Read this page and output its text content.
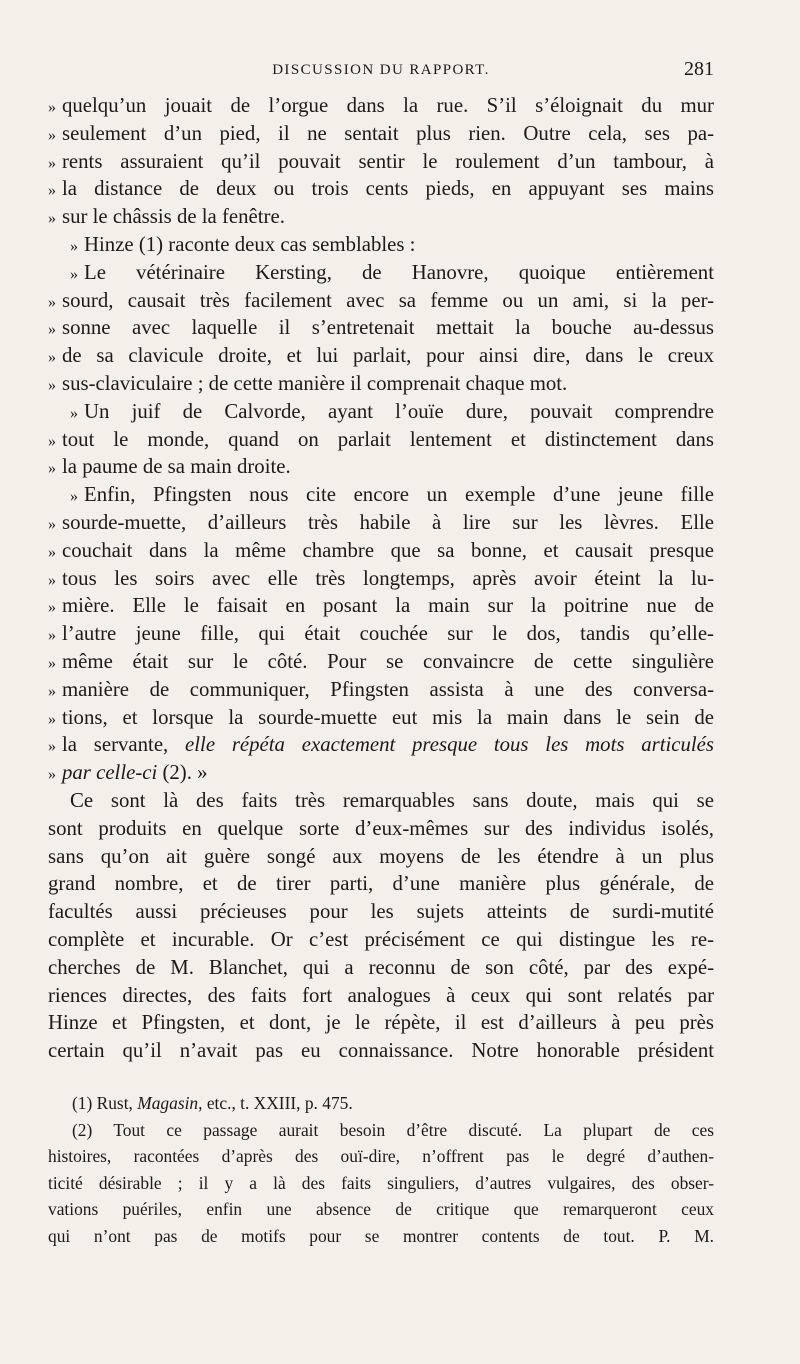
DISCUSSION DU RAPPORT.	281
» quelqu’un jouait de l’orgue dans la rue. S’il s’éloignait du mur
» seulement d’un pied, il ne sentait plus rien. Outre cela, ses pa-
» rents assuraient qu’il pouvait sentir le roulement d’un tambour, à
» la distance de deux ou trois cents pieds, en appuyant ses mains
» sur le châssis de la fenêtre.
» Hinze (1) raconte deux cas semblables :
» Le vétérinaire Kersting, de Hanovre, quoique entièrement
» sourd, causait très facilement avec sa femme ou un ami, si la per-
» sonne avec laquelle il s’entretenait mettait la bouche au-dessus
» de sa clavicule droite, et lui parlait, pour ainsi dire, dans le creux
» sus-claviculaire ; de cette manière il comprenait chaque mot.
» Un juif de Calvorde, ayant l’ouïe dure, pouvait comprendre
» tout le monde, quand on parlait lentement et distinctement dans
» la paume de sa main droite.
» Enfin, Pfingsten nous cite encore un exemple d’une jeune fille
» sourde-muette, d’ailleurs très habile à lire sur les lèvres. Elle
» couchait dans la même chambre que sa bonne, et causait presque
» tous les soirs avec elle très longtemps, après avoir éteint la lu-
» mière. Elle le faisait en posant la main sur la poitrine nue de
» l’autre jeune fille, qui était couchée sur le dos, tandis qu’elle-
» même était sur le côté. Pour se convaincre de cette singulière
» manière de communiquer, Pfingsten assista à une des conversa-
» tions, et lorsque la sourde-muette eut mis la main dans le sein de
» la servante, elle répéta exactement presque tous les mots articulés
» par celle-ci (2). »
Ce sont là des faits très remarquables sans doute, mais qui se
sont produits en quelque sorte d’eux-mêmes sur des individus isolés,
sans qu’on ait guère songé aux moyens de les étendre à un plus
grand nombre, et de tirer parti, d’une manière plus générale, de
facultés aussi précieuses pour les sujets atteints de surdi-mutité
complète et incurable. Or c’est précisément ce qui distingue les re-
cherches de M. Blanchet, qui a reconnu de son côté, par des expé-
riences directes, des faits fort analogues à ceux qui sont relatés par
Hinze et Pfingsten, et dont, je le répète, il est d’ailleurs à peu près
certain qu’il n’avait pas eu connaissance. Notre honorable président
(1) Rust, Magasin, etc., t. XXIII, p. 475.
(2) Tout ce passage aurait besoin d’être discuté. La plupart de ces
histoires, racontées d’après des ouï-dire, n’offrent pas le degré d’authen-
ticité désirable ; il y a là des faits singuliers, d’autres vulgaires, des obser-
vations puériles, enfin une absence de critique que remarqueront ceux
qui n’ont pas de motifs pour se montrer contents de tout. P. M.
